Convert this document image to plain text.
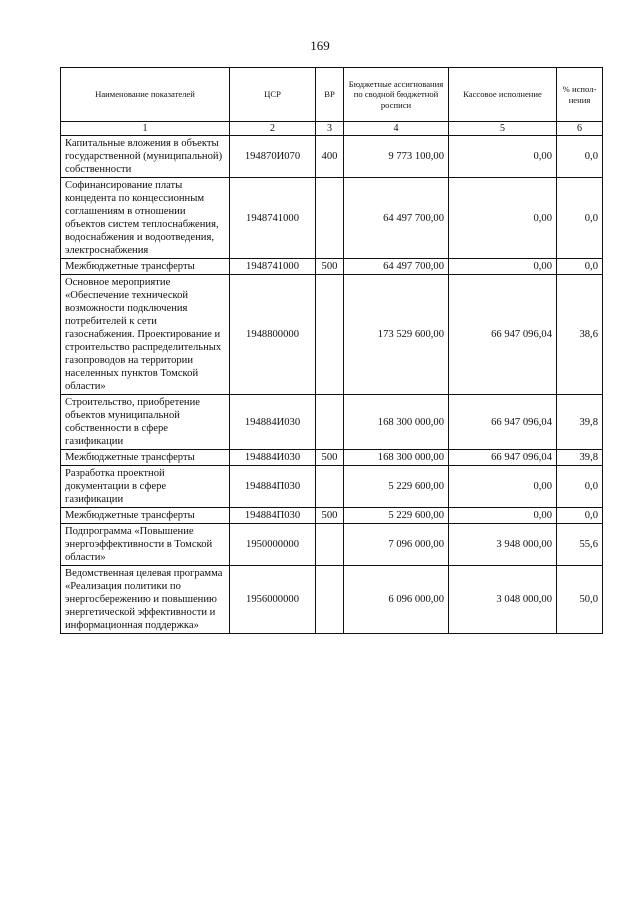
169
Наименование показателей	ЦСР	ВР	Бюджетные ассигнования по сводной бюджетной росписи	Кассовое исполнение	% испол-нения
1	2	3	4	5	6
Капитальные вложения в объекты государственной (муниципальной) собственности	194870И070	400	9 773 100,00	0,00	0,0
Софинансирование платы концедента по концессионным соглашениям в отношении объектов систем теплоснабжения, водоснабжения и водоотведения, электроснабжения	1948741000		64 497 700,00	0,00	0,0
Межбюджетные трансферты	1948741000	500	64 497 700,00	0,00	0,0
Основное мероприятие «Обеспечение технической возможности подключения потребителей к сети газоснабжения. Проектирование и строительство распределительных газопроводов на территории населенных пунктов Томской области»	1948800000		173 529 600,00	66 947 096,04	38,6
Строительство, приобретение объектов муниципальной собственности в сфере газификации	194884И030		168 300 000,00	66 947 096,04	39,8
Межбюджетные трансферты	194884И030	500	168 300 000,00	66 947 096,04	39,8
Разработка проектной документации в сфере газификации	194884П030		5 229 600,00	0,00	0,0
Межбюджетные трансферты	194884П030	500	5 229 600,00	0,00	0,0
Подпрограмма «Повышение энергоэффективности в Томской области»	1950000000		7 096 000,00	3 948 000,00	55,6
Ведомственная целевая программа «Реализация политики по энергосбережению и повышению энергетической эффективности и информационная поддержка»	1956000000		6 096 000,00	3 048 000,00	50,0
